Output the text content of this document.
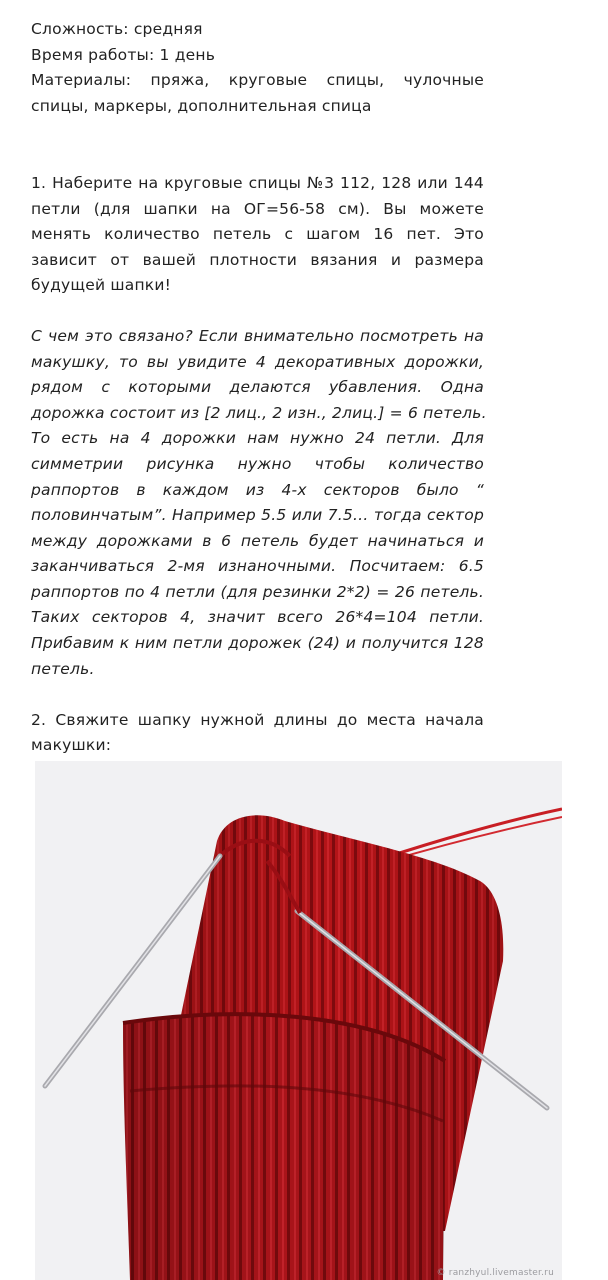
Сложность: средняя
Время работы: 1 день
Материалы: пряжа, круговые спицы, чулочные
спицы, маркеры, дополнительная спица
1. Наберите на круговые спицы №3 112, 128 или 144
петли (для шапки на ОГ=56-58 см). Вы можете
менять количество петель с шагом 16 пет. Это
зависит от вашей плотности вязания и размера
будущей шапки!
С чем это связано? Если внимательно посмотреть на
макушку, то вы увидите 4 декоративных дорожки,
рядом с которыми делаются убавления. Одна
дорожка состоит из [2 лиц., 2 изн., 2лиц.] = 6 петель.
То есть на 4 дорожки нам нужно 24 петли. Для
симметрии рисунка нужно чтобы количество
раппортов в каждом из 4-х секторов было “
половинчатым”. Например 5.5 или 7.5… тогда сектор
между дорожками в 6 петель будет начинаться и
заканчиваться 2-мя изнаночными. Посчитаем: 6.5
раппортов по 4 петли (для резинки 2*2) = 26 петель.
Таких секторов 4, значит всего 26*4=104 петли.
Прибавим к ним петли дорожек (24) и получится 128
петель.
2. Свяжите шапку нужной длины до места начала
макушки:
© ranzhyul.livemaster.ru
